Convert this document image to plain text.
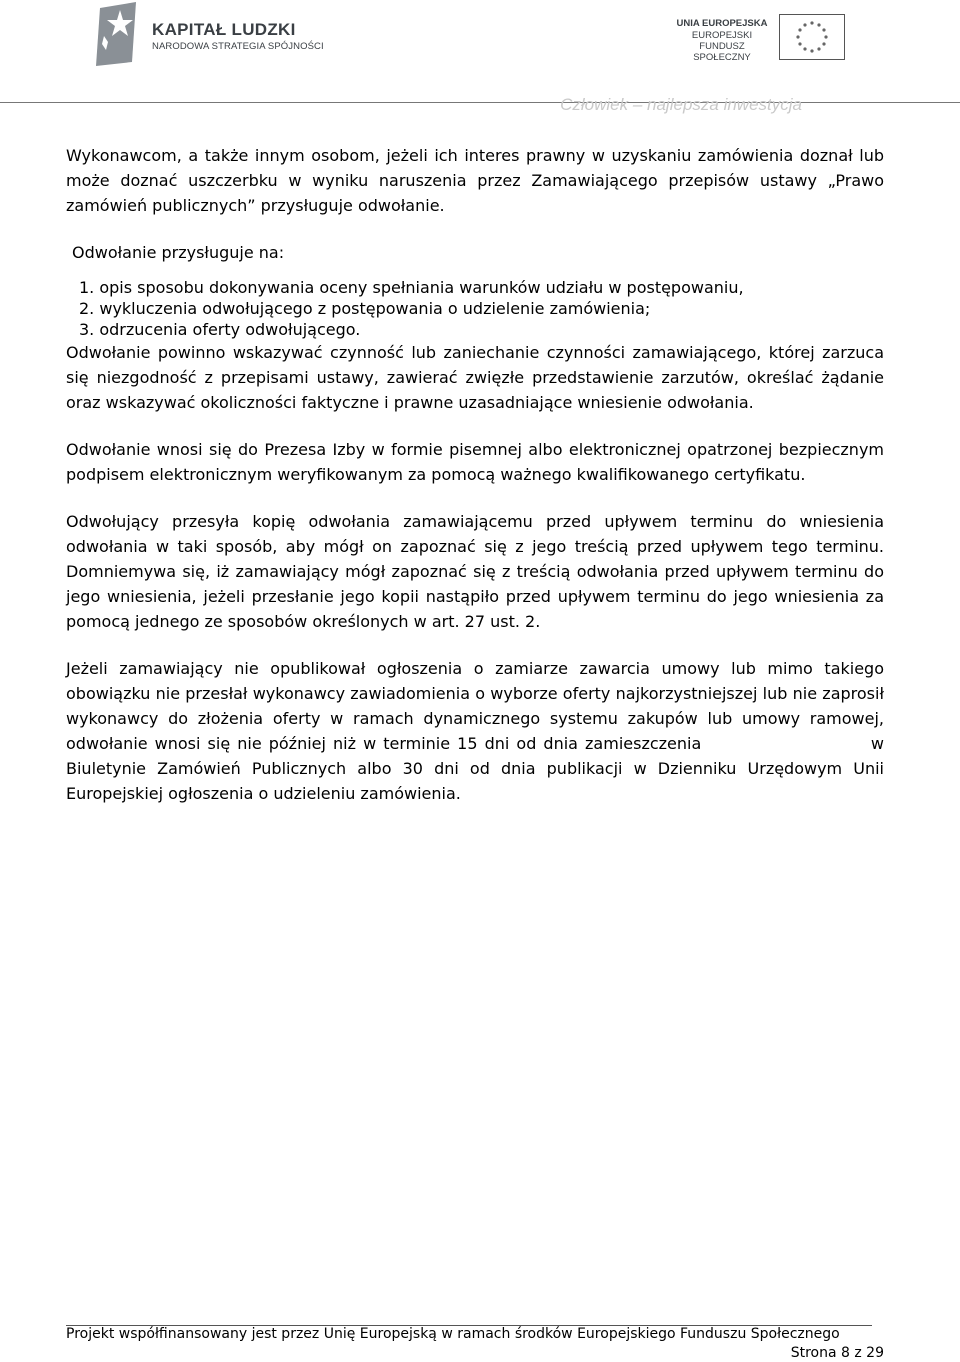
KAPITAŁ LUDZKI
NARODOWA STRATEGIA SPÓJNOŚCI
UNIA EUROPEJSKA
EUROPEJSKI
FUNDUSZ SPOŁECZNY
Człowiek – najlepsza inwestycja

Wykonawcom, a także innym osobom, jeżeli ich interes prawny w uzyskaniu zamówienia doznał lub może doznać uszczerbku w wyniku naruszenia przez Zamawiającego przepisów ustawy „Prawo zamówień publicznych” przysługuje odwołanie.

Odwołanie przysługuje na:

1. opis sposobu dokonywania oceny spełniania warunków udziału w postępowaniu,
2. wykluczenia odwołującego z postępowania o udzielenie zamówienia;
3. odrzucenia oferty odwołującego.

Odwołanie powinno wskazywać czynność lub zaniechanie czynności zamawiającego, której zarzuca się niezgodność z przepisami ustawy, zawierać zwięzłe przedstawienie zarzutów, określać żądanie oraz wskazywać okoliczności faktyczne i prawne uzasadniające wniesienie odwołania.

Odwołanie wnosi się do Prezesa Izby w formie pisemnej albo elektronicznej opatrzonej bezpiecznym podpisem elektronicznym weryfikowanym za pomocą ważnego kwalifikowanego certyfikatu.

Odwołujący przesyła kopię odwołania zamawiającemu przed upływem terminu do wniesienia odwołania w taki sposób, aby mógł on zapoznać się z jego treścią przed upływem tego terminu. Domniemywa się, iż zamawiający mógł zapoznać się z treścią odwołania przed upływem terminu do jego wniesienia, jeżeli przesłanie jego kopii nastąpiło przed upływem terminu do jego wniesienia za pomocą jednego ze sposobów określonych w art. 27 ust. 2.

Jeżeli zamawiający nie opublikował ogłoszenia o zamiarze zawarcia umowy lub mimo takiego obowiązku nie przesłał wykonawcy zawiadomienia o wyborze oferty najkorzystniejszej lub nie zaprosił wykonawcy do złożenia oferty w ramach dynamicznego systemu zakupów lub umowy ramowej, odwołanie wnosi się nie później niż w terminie 15 dni od dnia zamieszczenia                        w Biuletynie Zamówień Publicznych albo 30 dni od dnia publikacji w Dzienniku Urzędowym Unii Europejskiej ogłoszenia o udzieleniu zamówienia.

Projekt współfinansowany jest przez Unię Europejską w ramach środków Europejskiego Funduszu Społecznego
Strona 8 z 29
